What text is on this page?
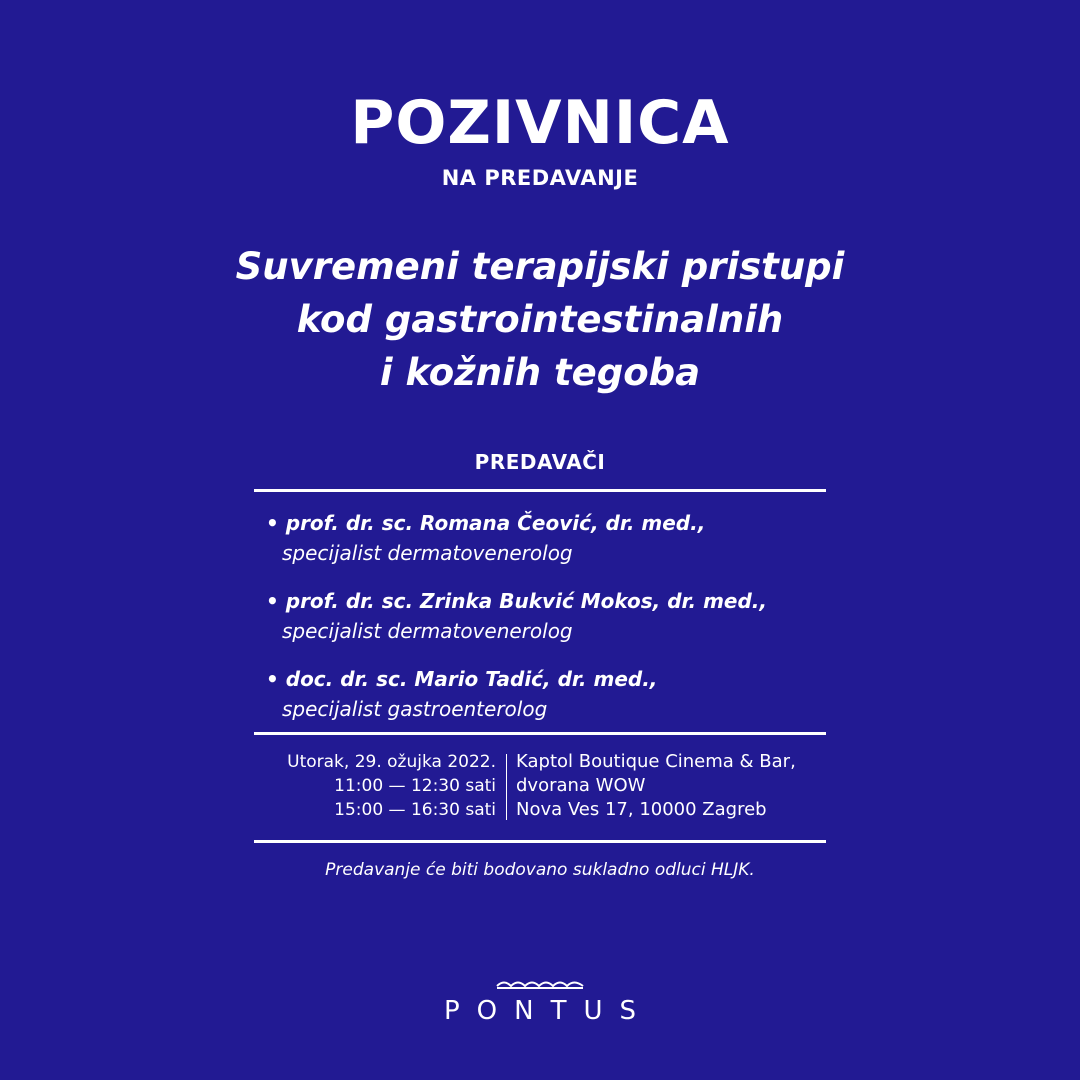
POZIVNICA
NA PREDAVANJE
Suvremeni terapijski pristupi
kod gastrointestinalnih
i kožnih tegoba
PREDAVAČI
• prof. dr. sc. Romana Čeović, dr. med.,
specijalist dermatovenerolog
• prof. dr. sc. Zrinka Bukvić Mokos, dr. med.,
specijalist dermatovenerolog
• doc. dr. sc. Mario Tadić, dr. med.,
specijalist gastroenterolog
Utorak, 29. ožujka 2022.
11:00 — 12:30 sati
15:00 — 16:30 sati
Kaptol Boutique Cinema & Bar,
dvorana WOW
Nova Ves 17, 10000 Zagreb
Predavanje će biti bodovano sukladno odluci HLJK.
PONTUS
